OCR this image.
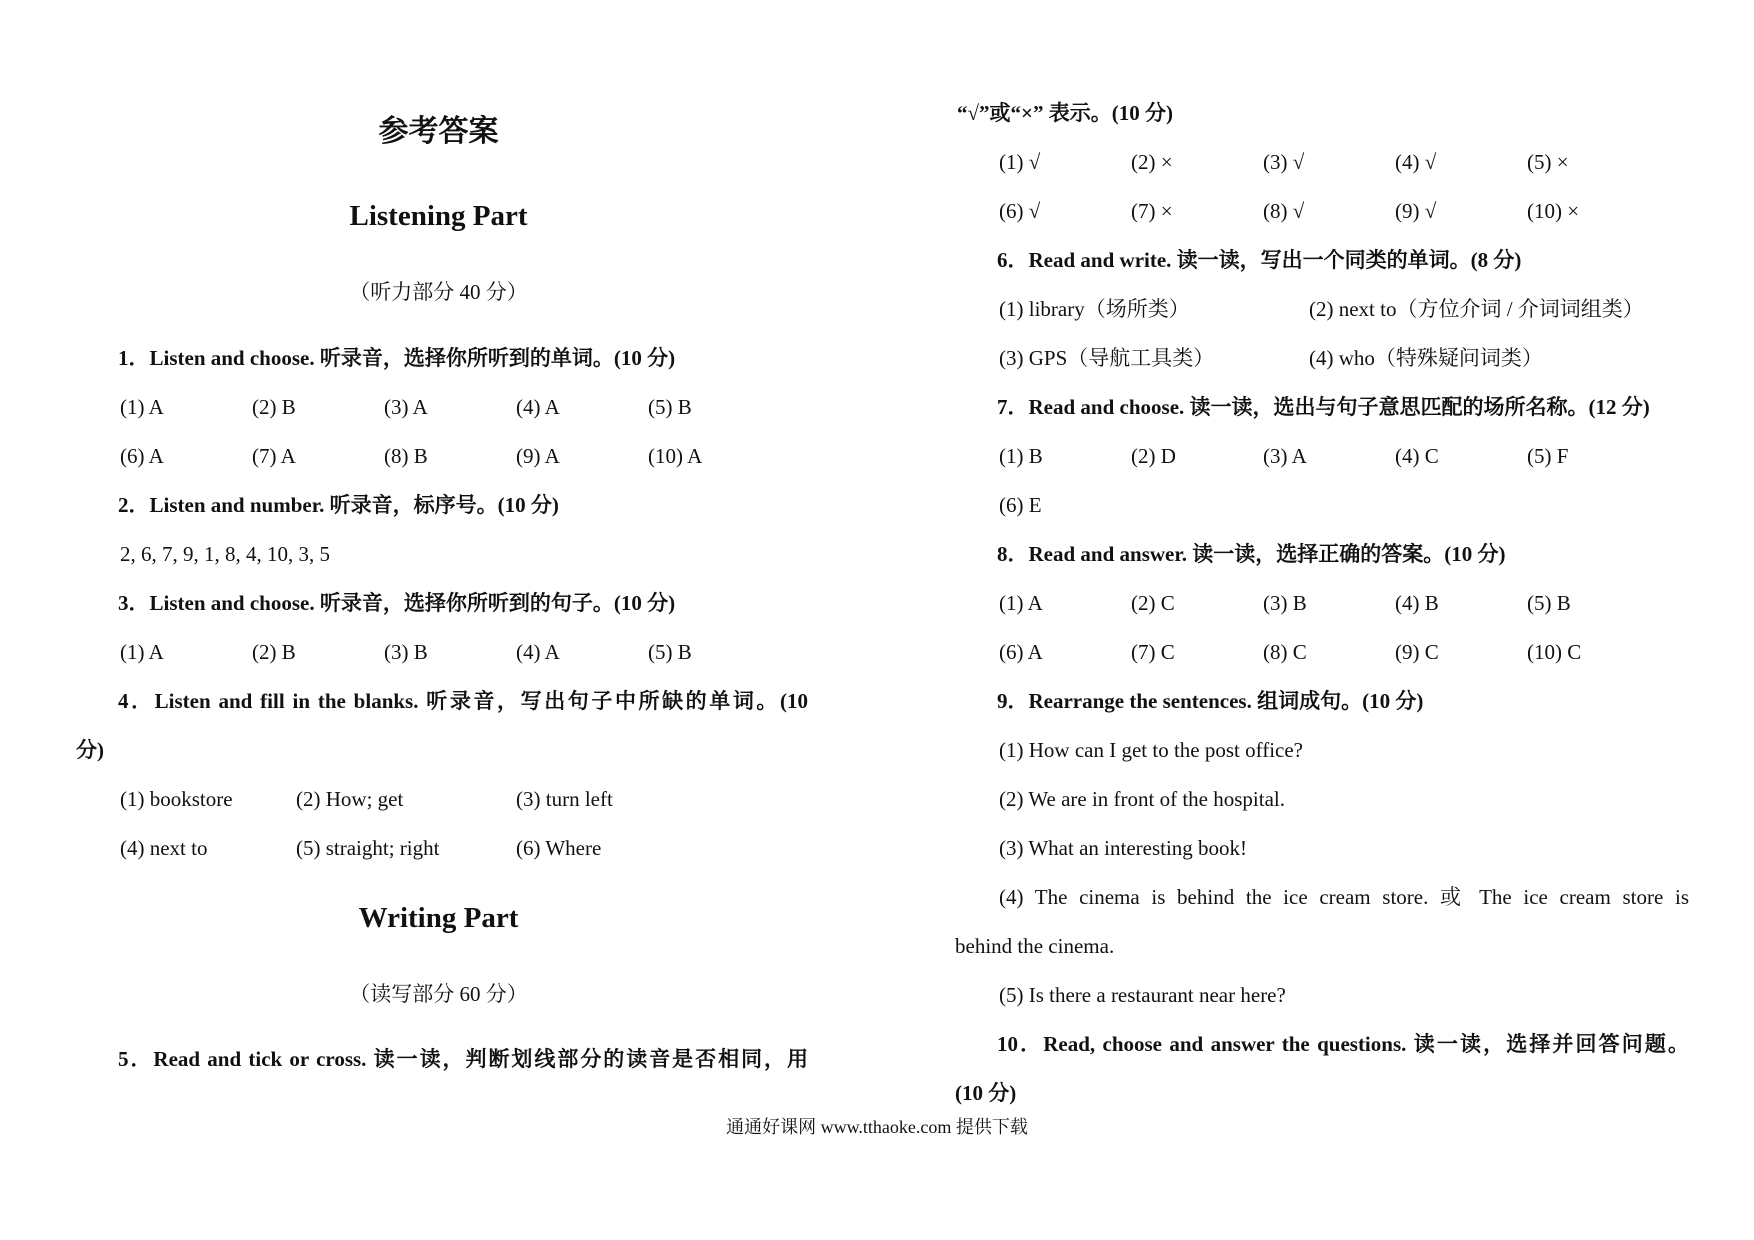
参考答案
Listening Part
（听力部分 40 分）
1．Listen and choose. 听录音，选择你所听到的单词。(10 分)
(1) A	(2) B	(3) A	(4) A	(5) B
(6) A	(7) A	(8) B	(9) A	(10) A
2．Listen and number. 听录音，标序号。(10 分)
2, 6, 7, 9, 1, 8, 4, 10, 3, 5
3．Listen and choose. 听录音，选择你所听到的句子。(10 分)
(1) A	(2) B	(3) B	(4) A	(5) B
4．Listen and fill in the blanks. 听录音，写出句子中所缺的单词。(10
分)
(1) bookstore	(2) How; get	(3) turn left
(4) next to	(5) straight; right	(6) Where
Writing Part
（读写部分 60 分）
5．Read and tick or cross. 读一读，判断划线部分的读音是否相同，用
“√”或“×” 表示。(10 分)
(1) √	(2) ×	(3) √	(4) √	(5) ×
(6) √	(7) ×	(8) √	(9) √	(10) ×
6．Read and write. 读一读，写出一个同类的单词。(8 分)
(1) library（场所类）	(2) next to（方位介词 / 介词词组类）
(3) GPS（导航工具类）	(4) who（特殊疑问词类）
7．Read and choose. 读一读，选出与句子意思匹配的场所名称。(12 分)
(1) B	(2) D	(3) A	(4) C	(5) F
(6) E
8．Read and answer. 读一读，选择正确的答案。(10 分)
(1) A	(2) C	(3) B	(4) B	(5) B
(6) A	(7) C	(8) C	(9) C	(10) C
9．Rearrange the sentences. 组词成句。(10 分)
(1) How can I get to the post office?
(2) We are in front of the hospital.
(3) What an interesting book!
(4) The cinema is behind the ice cream store. 或 The ice cream store is
behind the cinema.
(5) Is there a restaurant near here?
10．Read, choose and answer the questions. 读一读，选择并回答问题。
(10 分)
通通好课网 www.tthaoke.com 提供下载
